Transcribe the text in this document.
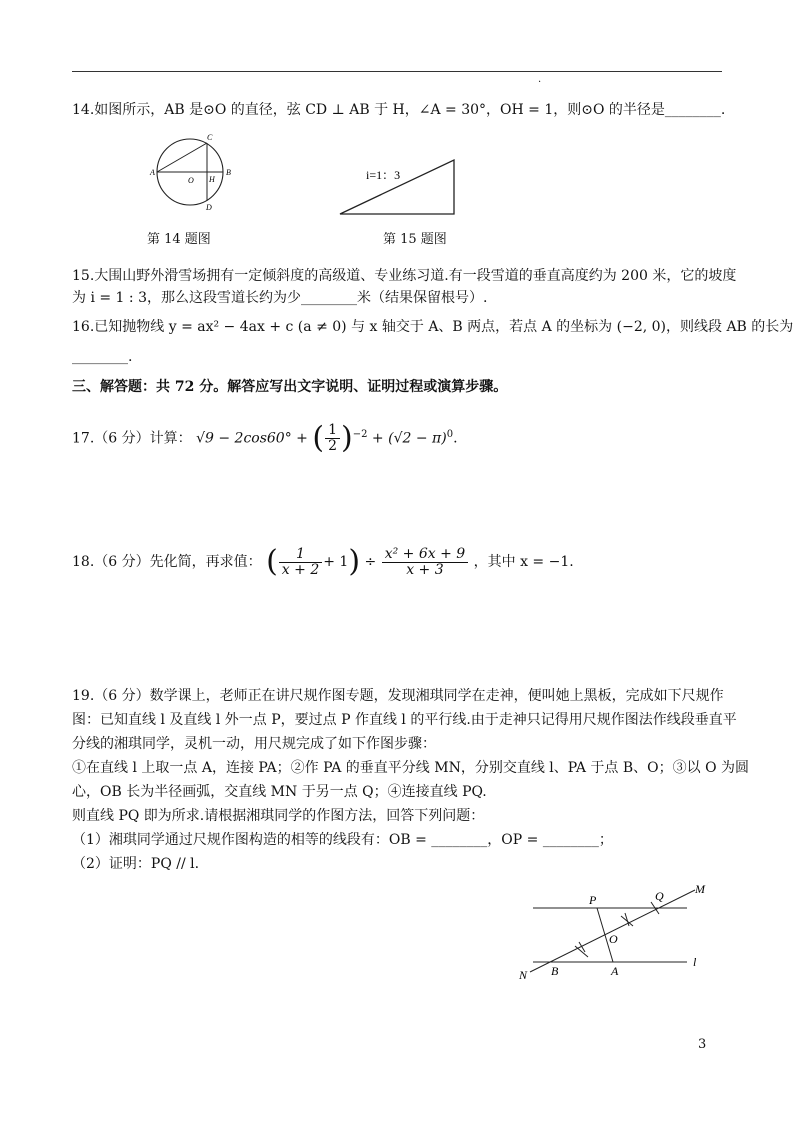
.
14.如图所示，AB 是⊙O 的直径，弦 CD ⊥ AB 于 H，∠A = 30°，OH = 1，则⊙O 的半径是________.
A	B
C
D
O H	i=1：3
第 14 题图	第 15 题图
15.大围山野外滑雪场拥有一定倾斜度的高级道、专业练习道.有一段雪道的垂直高度约为 200 米，它的坡度
为 i = 1 : 3，那么这段雪道长约为少________米（结果保留根号）.
16.已知抛物线 y = ax² − 4ax + c (a ≠ 0) 与 x 轴交于 A、B 两点，若点 A 的坐标为 (−2, 0)，则线段 AB 的长为
________.
三、解答题：共 72 分。解答应写出文字说明、证明过程或演算步骤。
17.（6 分）计算： √9 − 2cos60° + ( $\frac{1}{2} )^{-2} + (√2 - \pi)^0$.
18.（6 分）先化简，再求值： ( $\frac{1}{x + 2} + 1) \div \frac{\text{x² + 6x + 9}}{x + 3}$ ，其中 x = −1.
19.（6 分）数学课上，老师正在讲尺规作图专题，发现湘琪同学在走神，便叫她上黑板，完成如下尺规作
图：已知直线 l 及直线 l 外一点 P，要过点 P 作直线 l 的平行线.由于走神只记得用尺规作图法作线段垂直平
分线的湘琪同学，灵机一动，用尺规完成了如下作图步骤：
①在直线 l 上取一点 A，连接 PA；②作 PA 的垂直平分线 MN，分别交直线 l、PA 于点 B、O；③以 O 为圆
心，OB 长为半径画弧，交直线 MN 于另一点 Q；④连接直线 PQ.
则直线 PQ 即为所求.请根据湘琪同学的作图方法，回答下列问题：
（1）湘琪同学通过尺规作图构造的相等的线段有：OB = ________，OP = ________；
（2）证明：PQ // l.
P	Q	M
O
N B	A
l
3
